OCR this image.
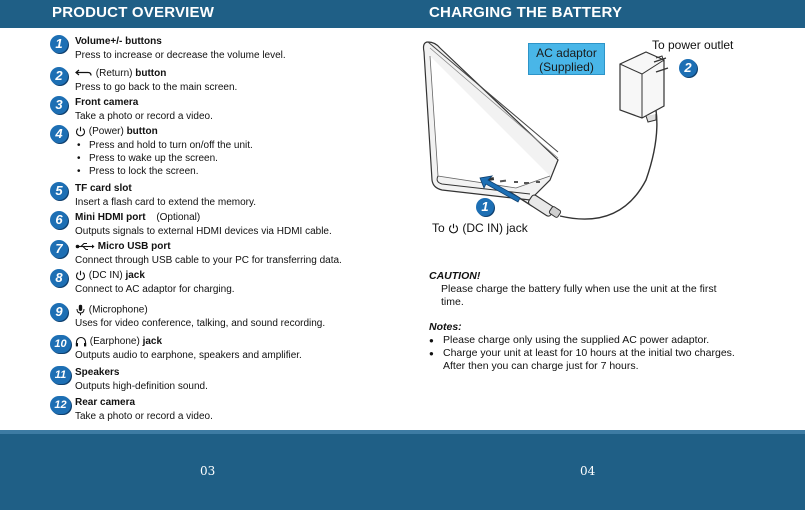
PRODUCT OVERVIEW	CHARGING THE BATTERY
1	Volume+/- buttons
Press to increase or decrease the volume level.
2	(Return) button
Press to go back to the main screen.
3	Front camera
Take a photo or record a video.
4	(Power) button
• Press and hold to turn on/off the unit.
• Press to wake up the screen.
• Press to lock the screen.
5	TF card slot
Insert a flash card to extend the memory.
6	Mini HDMI port (Optional)
Outputs signals to external HDMI devices via HDMI cable.
7	Micro USB port
Connect through USB cable to your PC for transferring data.
8	(DC IN) jack
Connect to AC adaptor for charging.
9	(Microphone)
Uses for video conference, talking, and sound recording.
10	(Earphone) jack
Outputs audio to earphone, speakers and amplifier.
11 Speakers
Outputs high-definition sound.
12 Rear camera
Take a photo or record a video.
AC adaptor
(Supplied)
To power outlet
2
1
To  (DC IN) jack
CAUTION!
Please charge the battery fully when use the unit at the first
time.
Notes:
● Please charge only using the supplied AC power adaptor.
● Charge your unit at least for 10 hours at the initial two charges.
After then you can charge just for 7 hours.
03	04
